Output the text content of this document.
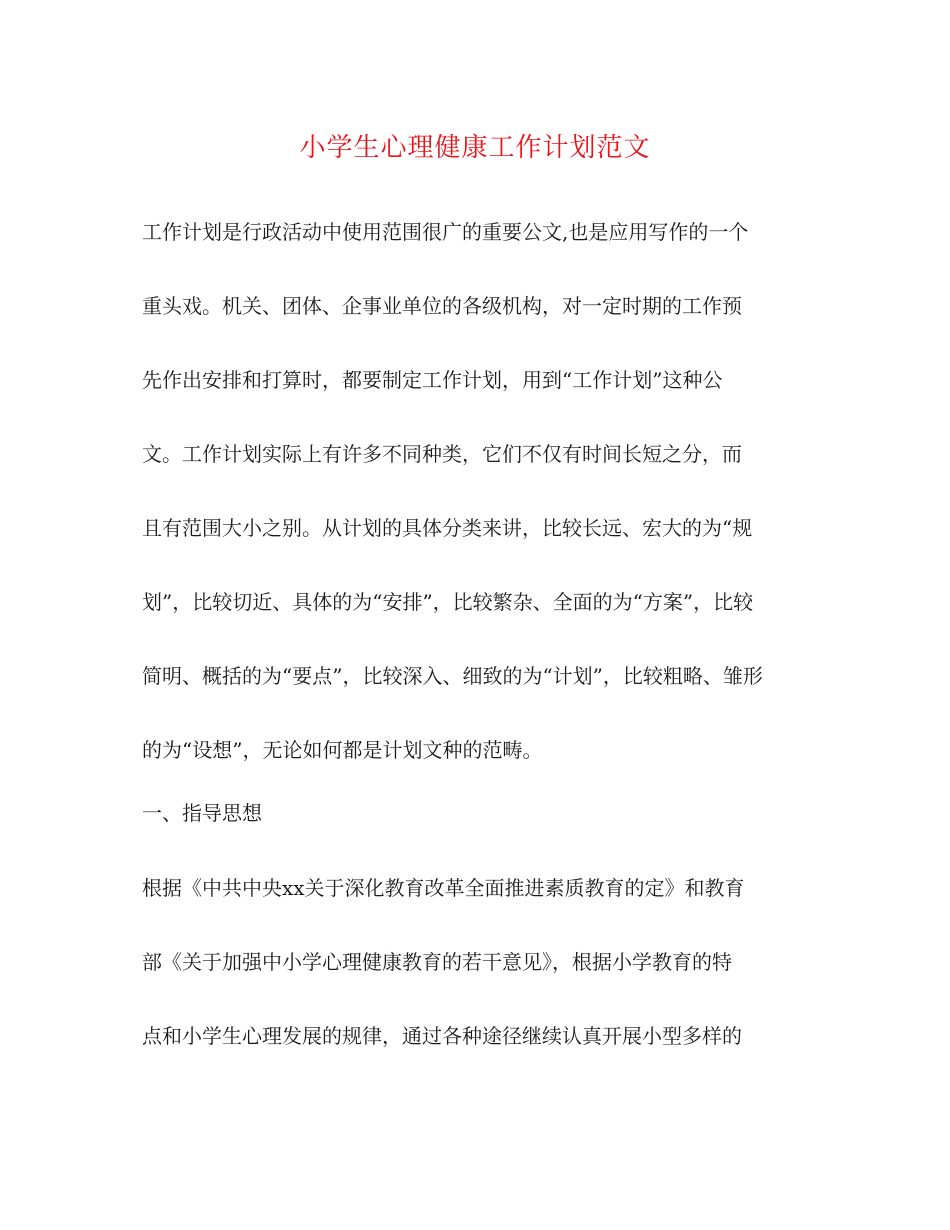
小学生心理健康工作计划范文
工作计划是行政活动中使用范围很广的重要公文,也是应用写作的一个
重头戏。机关、团体、企事业单位的各级机构，对一定时期的工作预
先作出安排和打算时，都要制定工作计划，用到“工作计划”这种公
文。工作计划实际上有许多不同种类，它们不仅有时间长短之分，而
且有范围大小之别。从计划的具体分类来讲，比较长远、宏大的为“规
划”，比较切近、具体的为“安排”，比较繁杂、全面的为“方案”，比较
简明、概括的为“要点”，比较深入、细致的为“计划”，比较粗略、雏形
的为“设想”，无论如何都是计划文种的范畴。
一、指导思想
根据《中共中央xx关于深化教育改革全面推进素质教育的定》和教育
部《关于加强中小学心理健康教育的若干意见》，根据小学教育的特
点和小学生心理发展的规律，通过各种途径继续认真开展小型多样的
